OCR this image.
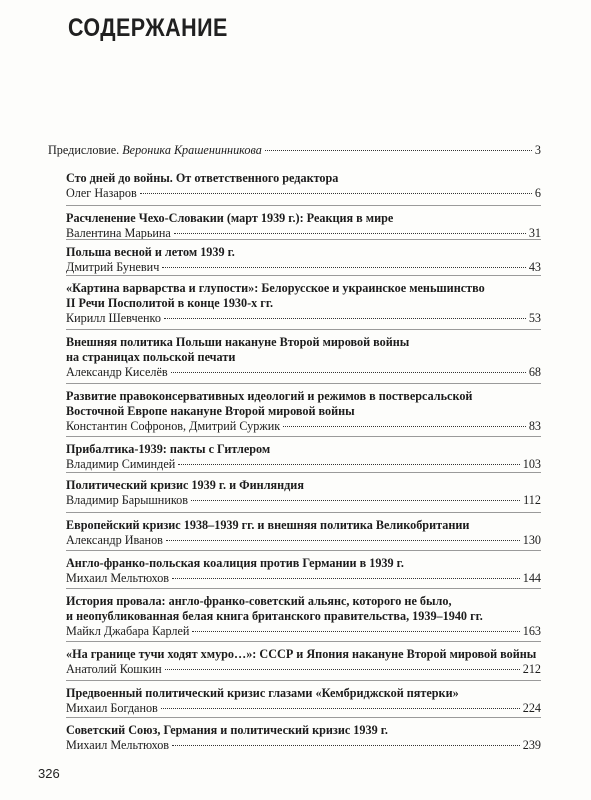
СОДЕРЖАНИЕ
Предисловие. Вероника Крашенинникова	3
Сто дней до войны. От ответственного редактора
Олег Назаров	6
Расчленение Чехо-Словакии (март 1939 г.): Реакция в мире
Валентина Марьина	31
Польша весной и летом 1939 г.
Дмитрий Буневич	43
«Картина варварства и глупости»: Белорусское и украинское меньшинство
II Речи Посполитой в конце 1930-х гг.
Кирилл Шевченко	53
Внешняя политика Польши накануне Второй мировой войны
на страницах польской печати
Александр Киселёв	68
Развитие правоконсервативных идеологий и режимов в постверсальской
Восточной Европе накануне Второй мировой войны
Константин Софронов, Дмитрий Суржик	83
Прибалтика-1939: пакты с Гитлером
Владимир Симиндей	103
Политический кризис 1939 г. и Финляндия
Владимир Барышников	112
Европейский кризис 1938–1939 гг. и внешняя политика Великобритании
Александр Иванов	130
Англо-франко-польская коалиция против Германии в 1939 г.
Михаил Мельтюхов	144
История провала: англо-франко-советский альянс, которого не было,
и неопубликованная белая книга британского правительства, 1939–1940 гг.
Майкл Джабара Карлей	163
«На границе тучи ходят хмуро…»: СССР и Япония накануне Второй мировой войны
Анатолий Кошкин	212
Предвоенный политический кризис глазами «Кембриджской пятерки»
Михаил Богданов	224
Советский Союз, Германия и политический кризис 1939 г.
Михаил Мельтюхов	239

326
